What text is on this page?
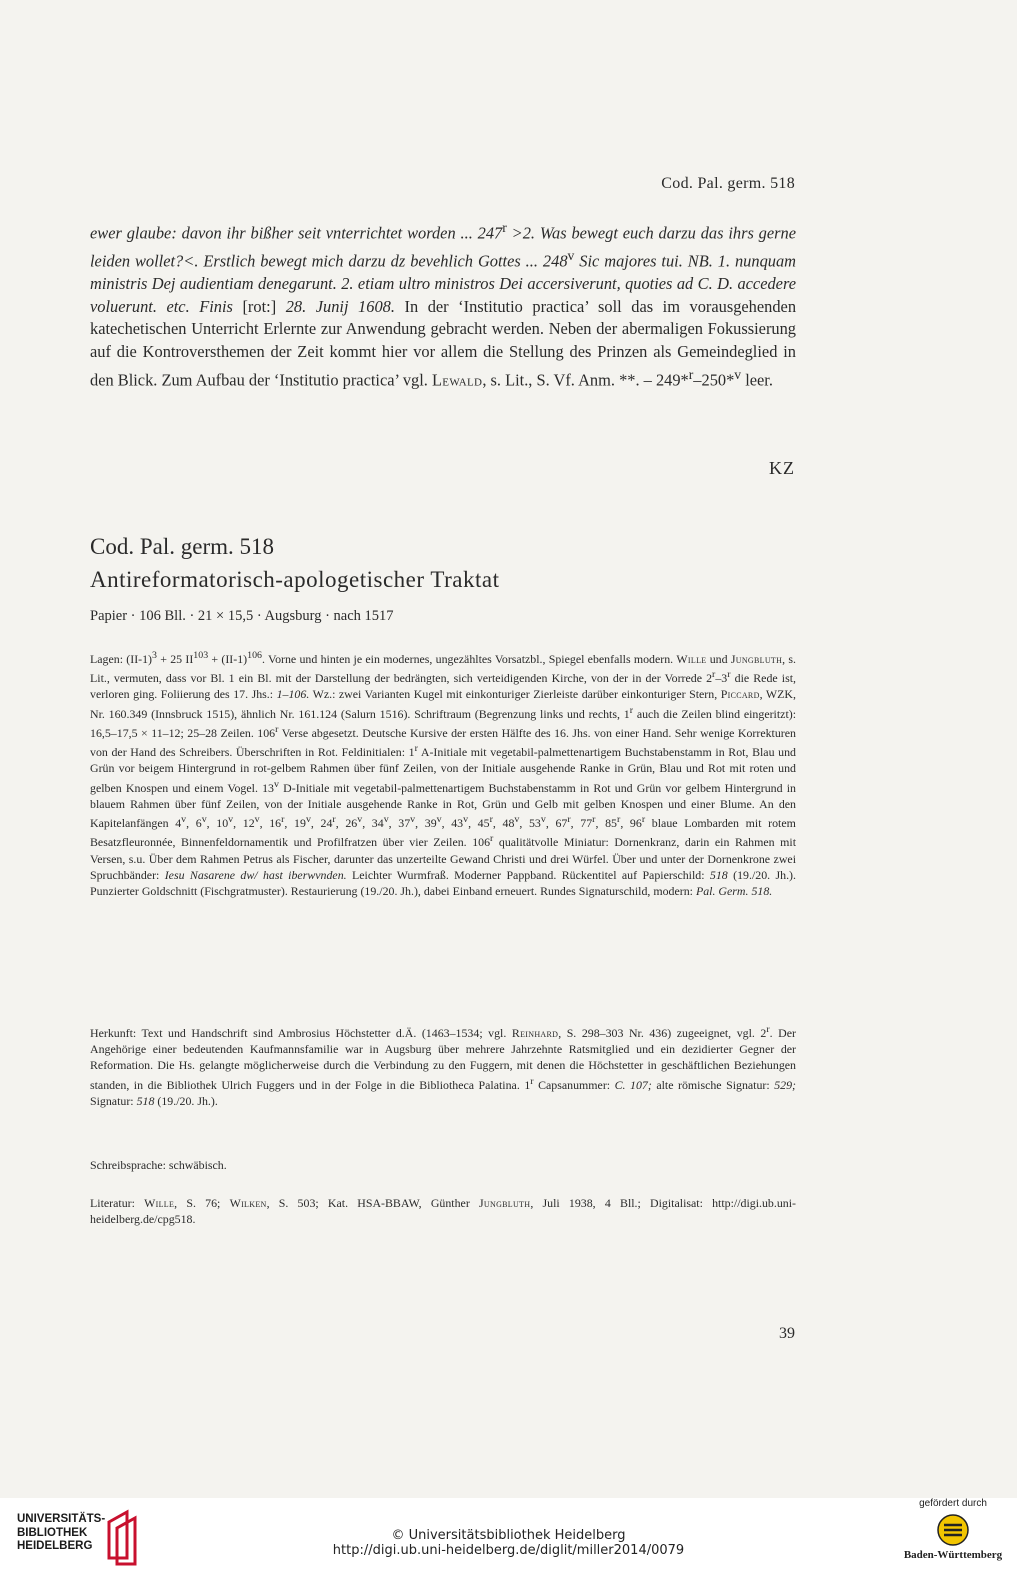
Cod. Pal. germ. 518
ewer glaube: davon ihr bißher seit vnterrichtet worden ... $247^r >2$. Was bewegt euch darzu das ihrs gerne leiden wollet?<. Erstlich bewegt mich darzu dz bevehlich Gottes ... 248$^v$ Sic majores tui. NB. 1. nunquam ministris Dej audientiam denegarunt. 2. etiam ultro ministros Dei accersiverunt, quoties ad C. D. accedere voluerunt. etc. Finis [rot:] 28. Junij 1608. In der ‘Institutio practica’ soll das im vorausgehenden katechetischen Unterricht Erlernte zur Anwendung gebracht werden. Neben der abermaligen Fokussierung auf die Kontroversthemen der Zeit kommt hier vor allem die Stellung des Prinzen als Gemeindeglied in den Blick. Zum Aufbau der ‘Institutio practica’ vgl. Lewald, s. Lit., S. Vf. Anm. **. – 249*$^r$–250*$^v$ leer.
KZ
Cod. Pal. germ. 518
Antireformatorisch-apologetischer Traktat
Papier · 106 Bll. · 21 × 15,5 · Augsburg · nach 1517
Lagen: $(II-1)^3 + 25$ $II^{103} + (II-1)^{106}$. Vorne und hinten je ein modernes, ungezähltes Vorsatzbl., Spiegel ebenfalls modern. Wille und Jungbluth, s. Lit., vermuten, dass vor Bl. 1 ein Bl. mit der Darstellung der bedrängten, sich verteidigenden Kirche, von der in der Vorrede 2$^r$–3$^r$ die Rede ist, verloren ging. Foliierung des 17. Jhs.: 1–106. Wz.: zwei Varianten Kugel mit einkonturiger Zierleiste darüber einkonturiger Stern, Piccard, WZK, Nr. 160.349 (Innsbruck 1515), ähnlich Nr. 161.124 (Salurn 1516). Schriftraum (Begrenzung links und rechts, 1$^r$ auch die Zeilen blind eingeritzt): 16,5–17,5 × 11–12; 25–28 Zeilen. 106$^r$ Verse abgesetzt. Deutsche Kursive der ersten Hälfte des 16. Jhs. von einer Hand. Sehr wenige Korrekturen von der Hand des Schreibers. Überschriften in Rot. Feldinitialen: 1$^r$ A-Initiale mit vegetabil-palmettenartigem Buchstabenstamm in Rot, Blau und Grün vor beigem Hintergrund in rot-gelbem Rahmen über fünf Zeilen, von der Initiale ausgehende Ranke in Grün, Blau und Rot mit roten und gelben Knospen und einem Vogel. 13$^v$ D-Initiale mit vegetabil-palmettenartigem Buchstabenstamm in Rot und Grün vor gelbem Hintergrund in blauem Rahmen über fünf Zeilen, von der Initiale ausgehende Ranke in Rot, Grün und Gelb mit gelben Knospen und einer Blume. An den Kapitelanfängen 4$^v$, 6$^v$, 10$^v$, 12$^v$, 16$^r$, 19$^v$, 24$^r$, 26$^v$, 34$^v$, 37$^v$, 39$^v$, 43$^v$, 45$^r$, 48$^v$, 53$^v$, 67$^r$, 77$^r$, 85$^r$, 96$^r$ blaue Lombarden mit rotem Besatzfleuronnée, Binnenfeldornamentik und Profilfratzen über vier Zeilen. 106$^r$ qualitätvolle Miniatur: Dornenkranz, darin ein Rahmen mit Versen, s.u. Über dem Rahmen Petrus als Fischer, darunter das unzerteilte Gewand Christi und drei Würfel. Über und unter der Dornenkrone zwei Spruchbänder: Iesu Nasarene dw/ hast iberwvnden. Leichter Wurmfraß. Moderner Pappband. Rückentitel auf Papierschild: 518 (19./20. Jh.). Punzierter Goldschnitt (Fischgratmuster). Restaurierung (19./20. Jh.), dabei Einband erneuert. Rundes Signaturschild, modern: Pal. Germ. 518.
Herkunft: Text und Handschrift sind Ambrosius Höchstetter d.Ä. (1463–1534; vgl. Reinhard, S. 298–303 Nr. 436) zugeeignet, vgl. 2$^r$. Der Angehörige einer bedeutenden Kaufmannsfamilie war in Augsburg über mehrere Jahrzehnte Ratsmitglied und ein dezidierter Gegner der Reformation. Die Hs. gelangte möglicherweise durch die Verbindung zu den Fuggern, mit denen die Höchstetter in geschäftlichen Beziehungen standen, in die Bibliothek Ulrich Fuggers und in der Folge in die Bibliotheca Palatina. 1$^r$ Capsanummer: C. 107; alte römische Signatur: 529; Signatur: 518 (19./20. Jh.).
Schreibsprache: schwäbisch.
Literatur: Wille, S. 76; Wilken, S. 503; Kat. HSA-BBAW, Günther Jungbluth, Juli 1938, 4 Bll.; Digitalisat: http://digi.ub.uni-heidelberg.de/cpg518.
39
UNIVERSITÄTS-
BIBLIOTHEK
HEIDELBERG
© Universitätsbibliothek Heidelberg
http://digi.ub.uni-heidelberg.de/diglit/miller2014/0079
gefördert durch
Baden-Württemberg
